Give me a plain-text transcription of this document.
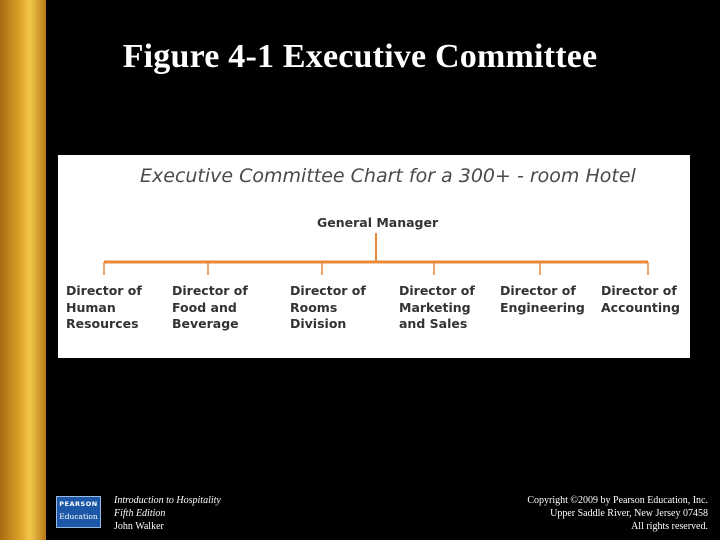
Figure 4-1 Executive Committee
Executive Committee Chart for a 300+ - room Hotel
General Manager
Director of
Human
Resources
Director of
Food and
Beverage
Director of
Rooms
Division
Director of
Marketing
and Sales
Director of
Engineering
Director of
Accounting
PEARSON
Education
Introduction to Hospitality
Fifth Edition
John Walker
Copyright ©2009 by Pearson Education, Inc.
Upper Saddle River, New Jersey 07458
All rights reserved.
